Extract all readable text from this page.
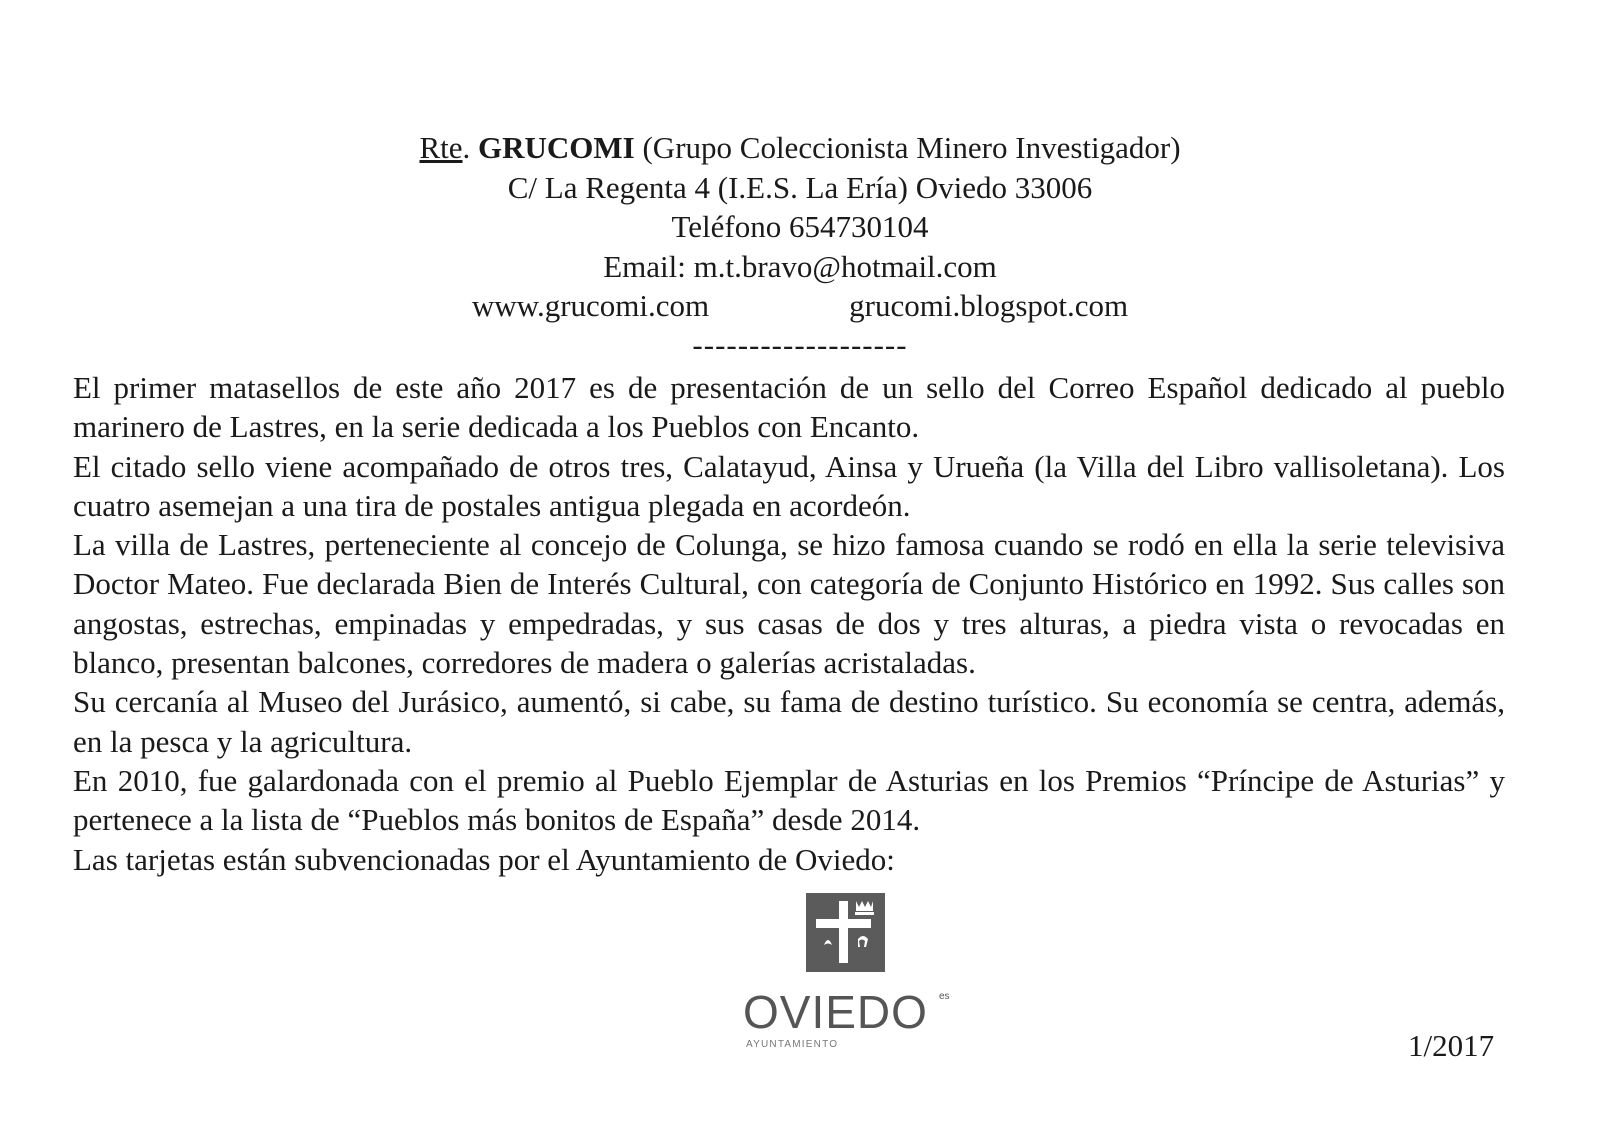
Rte. GRUCOMI (Grupo Coleccionista Minero Investigador)
C/ La Regenta 4 (I.E.S. La Ería) Oviedo 33006
Teléfono 654730104
Email: m.t.bravo@hotmail.com
www.grucomi.com	grucomi.blogspot.com
-------------------

El primer matasellos de este año 2017 es de presentación de un sello del Correo Español dedicado al pueblo marinero de Lastres, en la serie dedicada a los Pueblos con Encanto.

El citado sello viene acompañado de otros tres, Calatayud, Ainsa y Urueña (la Villa del Libro vallisoletana). Los cuatro asemejan a una tira de postales antigua plegada en acordeón.

La villa de Lastres, perteneciente al concejo de Colunga, se hizo famosa cuando se rodó en ella la serie televisiva Doctor Mateo. Fue declarada Bien de Interés Cultural, con categoría de Conjunto Histórico en 1992. Sus calles son angostas, estrechas, empinadas y empedradas, y sus casas de dos y tres alturas, a piedra vista o revocadas en blanco, presentan balcones, corredores de madera o galerías acristaladas.

Su cercanía al Museo del Jurásico, aumentó, si cabe, su fama de destino turístico. Su economía se centra, además, en la pesca y la agricultura.

En 2010, fue galardonada con el premio al Pueblo Ejemplar de Asturias en los Premios “Príncipe de Asturias” y pertenece a la lista de “Pueblos más bonitos de España” desde 2014.

Las tarjetas están subvencionadas por el Ayuntamiento de Oviedo:

OVIEDO es
AYUNTAMIENTO	1/2017
